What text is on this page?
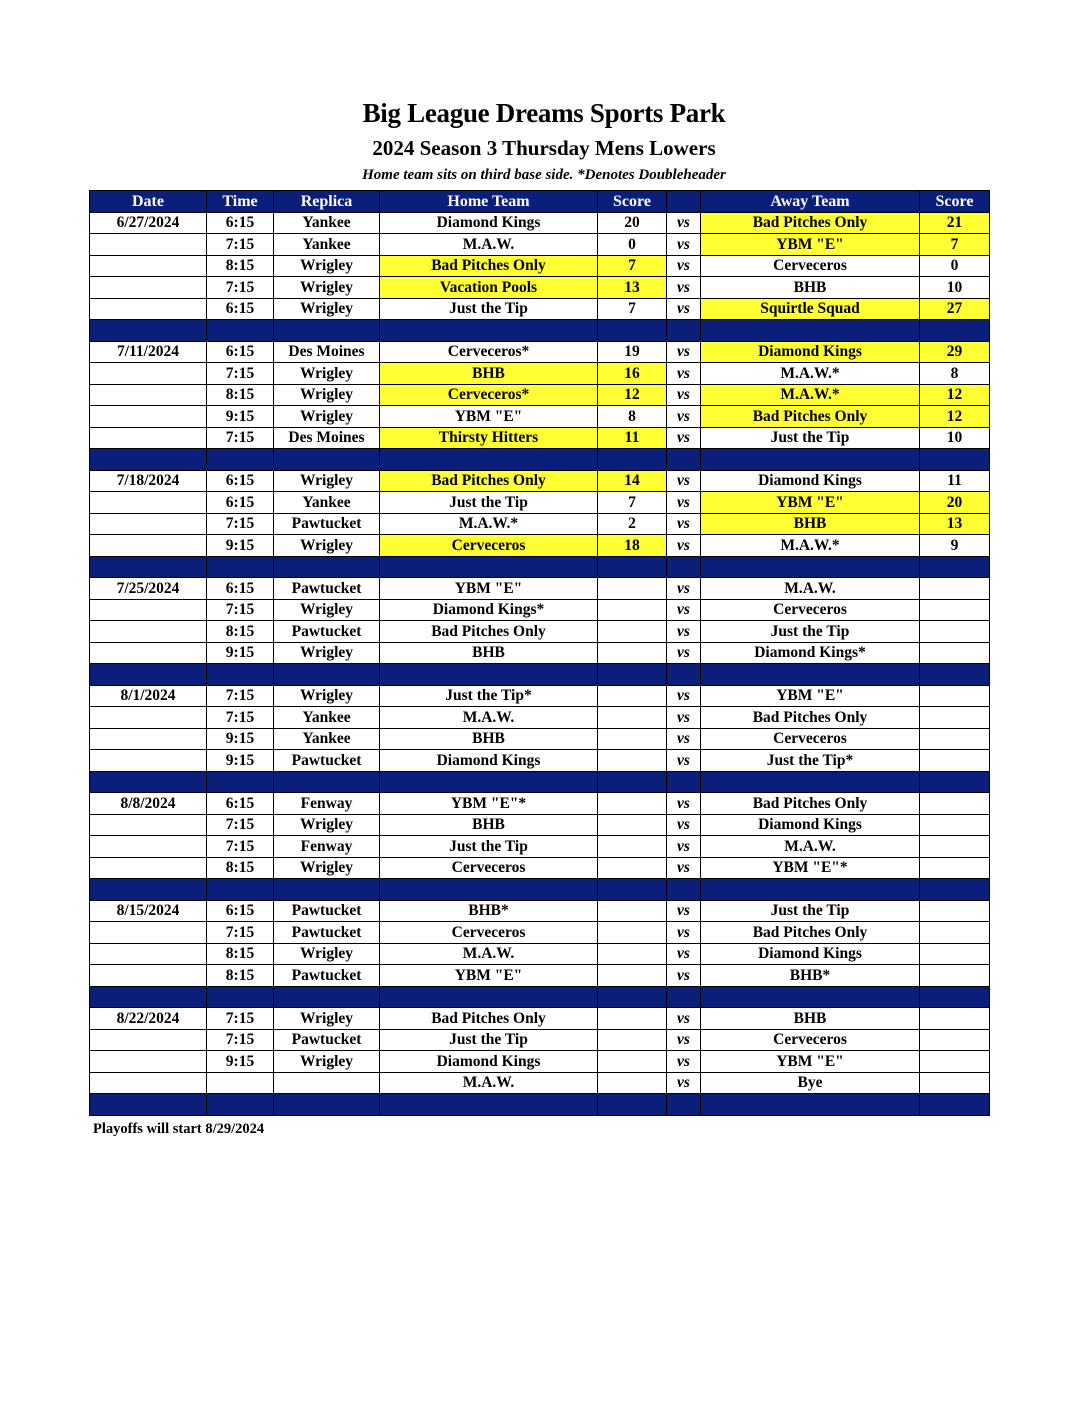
Big League Dreams Sports Park
2024 Season 3 Thursday Mens Lowers
Home team sits on third base side. *Denotes Doubleheader
Date	Time	Replica	Home Team	Score		Away Team	Score
6/27/2024	6:15	Yankee	Diamond Kings	20	vs	Bad Pitches Only	21
	7:15	Yankee	M.A.W.	0	vs	YBM "E"	7
	8:15	Wrigley	Bad Pitches Only	7	vs	Cerveceros	0
	7:15	Wrigley	Vacation Pools	13	vs	BHB	10
	6:15	Wrigley	Just the Tip	7	vs	Squirtle Squad	27

7/11/2024	6:15	Des Moines	Cerveceros*	19	vs	Diamond Kings	29
	7:15	Wrigley	BHB	16	vs	M.A.W.*	8
	8:15	Wrigley	Cerveceros*	12	vs	M.A.W.*	12
	9:15	Wrigley	YBM "E"	8	vs	Bad Pitches Only	12
	7:15	Des Moines	Thirsty Hitters	11	vs	Just the Tip	10

7/18/2024	6:15	Wrigley	Bad Pitches Only	14	vs	Diamond Kings	11
	6:15	Yankee	Just the Tip	7	vs	YBM "E"	20
	7:15	Pawtucket	M.A.W.*	2	vs	BHB	13
	9:15	Wrigley	Cerveceros	18	vs	M.A.W.*	9

7/25/2024	6:15	Pawtucket	YBM "E"		vs	M.A.W.	
	7:15	Wrigley	Diamond Kings*		vs	Cerveceros	
	8:15	Pawtucket	Bad Pitches Only		vs	Just the Tip	
	9:15	Wrigley	BHB		vs	Diamond Kings*	

8/1/2024	7:15	Wrigley	Just the Tip*		vs	YBM "E"	
	7:15	Yankee	M.A.W.		vs	Bad Pitches Only	
	9:15	Yankee	BHB		vs	Cerveceros	
	9:15	Pawtucket	Diamond Kings		vs	Just the Tip*	

8/8/2024	6:15	Fenway	YBM "E"*		vs	Bad Pitches Only	
	7:15	Wrigley	BHB		vs	Diamond Kings	
	7:15	Fenway	Just the Tip		vs	M.A.W.	
	8:15	Wrigley	Cerveceros		vs	YBM "E"*	

8/15/2024	6:15	Pawtucket	BHB*		vs	Just the Tip	
	7:15	Pawtucket	Cerveceros		vs	Bad Pitches Only	
	8:15	Wrigley	M.A.W.		vs	Diamond Kings	
	8:15	Pawtucket	YBM "E"		vs	BHB*	

8/22/2024	7:15	Wrigley	Bad Pitches Only		vs	BHB	
	7:15	Pawtucket	Just the Tip		vs	Cerveceros	
	9:15	Wrigley	Diamond Kings		vs	YBM "E"	
			M.A.W.		vs	Bye	

Playoffs will start 8/29/2024
